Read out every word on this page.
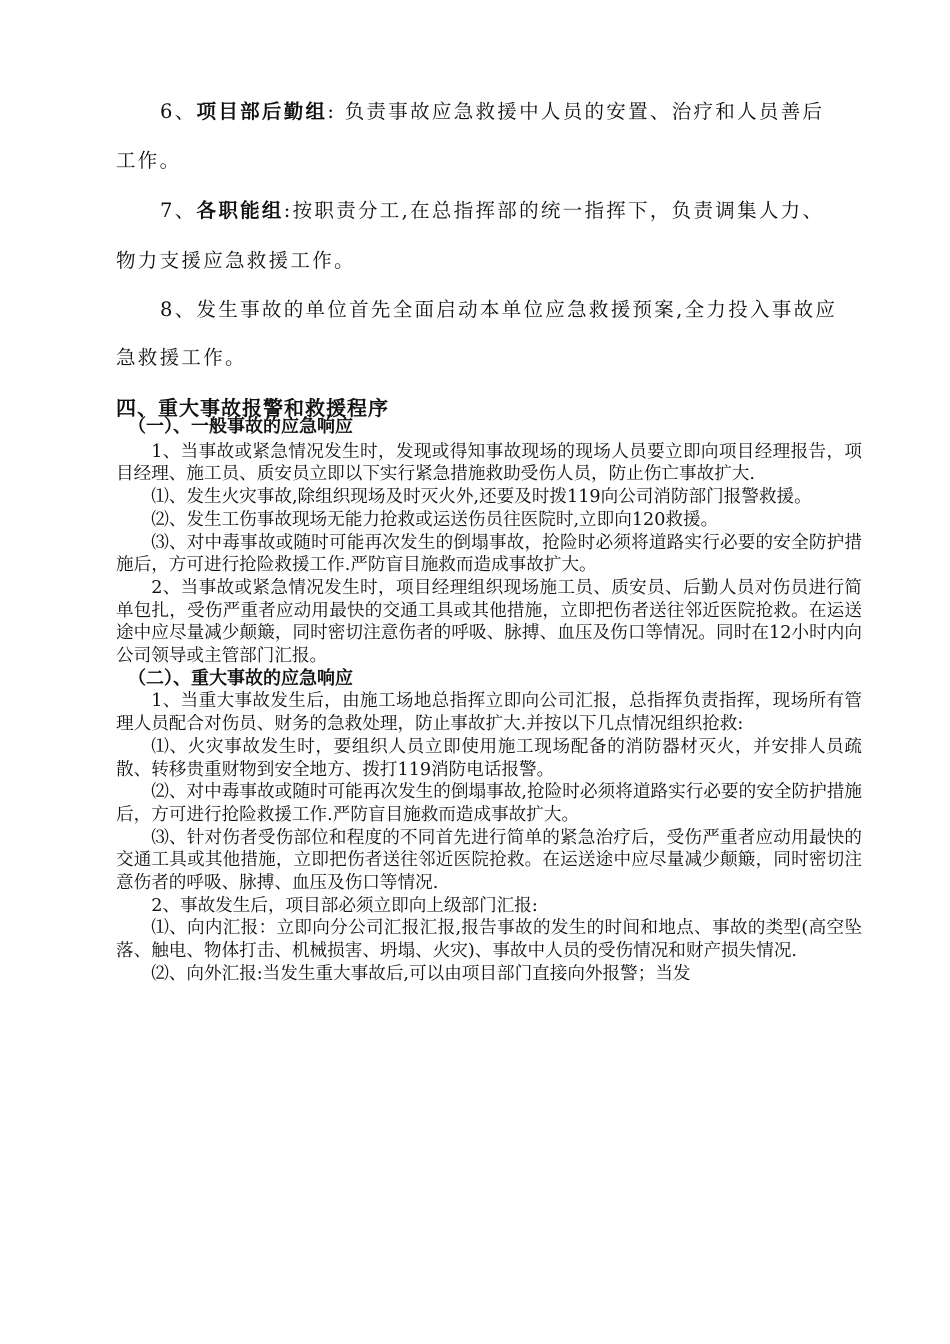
6、项目部后勤组: 负责事故应急救援中人员的安置、治疗和人员善后
工作。
7、各职能组:按职责分工,在总指挥部的统一指挥下，负责调集人力、
物力支援应急救援工作。
8、发生事故的单位首先全面启动本单位应急救援预案,全力投入事故应
急救援工作。
四、重大事故报警和救援程序

（一）、一般事故的应急响应

1、当事故或紧急情况发生时，发现或得知事故现场的现场人员要立即向项目经理报告，项目经理、施工员、质安员立即以下实行紧急措施救助受伤人员，防止伤亡事故扩大.

⑴、发生火灾事故,除组织现场及时灭火外,还要及时拨119向公司消防部门报警救援。

⑵、发生工伤事故现场无能力抢救或运送伤员往医院时,立即向120救援。

⑶、对中毒事故或随时可能再次发生的倒塌事故，抢险时必须将道路实行必要的安全防护措施后，方可进行抢险救援工作.严防盲目施救而造成事故扩大。

2、当事故或紧急情况发生时，项目经理组织现场施工员、质安员、后勤人员对伤员进行简单包扎，受伤严重者应动用最快的交通工具或其他措施，立即把伤者送往邻近医院抢救。在运送途中应尽量减少颠簸，同时密切注意伤者的呼吸、脉搏、血压及伤口等情况。同时在12小时内向公司领导或主管部门汇报。

（二）、重大事故的应急响应

1、当重大事故发生后，由施工场地总指挥立即向公司汇报，总指挥负责指挥，现场所有管理人员配合对伤员、财务的急救处理，防止事故扩大.并按以下几点情况组织抢救:

⑴、火灾事故发生时，要组织人员立即使用施工现场配备的消防器材灭火，并安排人员疏散、转移贵重财物到安全地方、拨打119消防电话报警。

⑵、对中毒事故或随时可能再次发生的倒塌事故,抢险时必须将道路实行必要的安全防护措施后，方可进行抢险救援工作.严防盲目施救而造成事故扩大。

⑶、针对伤者受伤部位和程度的不同首先进行简单的紧急治疗后，受伤严重者应动用最快的交通工具或其他措施，立即把伤者送往邻近医院抢救。在运送途中应尽量减少颠簸，同时密切注意伤者的呼吸、脉搏、血压及伤口等情况.

2、事故发生后，项目部必须立即向上级部门汇报:

⑴、向内汇报：立即向分公司汇报汇报,报告事故的发生的时间和地点、事故的类型(高空坠落、触电、物体打击、机械损害、坍塌、火灾)、事故中人员的受伤情况和财产损失情况.

⑵、向外汇报:当发生重大事故后,可以由项目部门直接向外报警；当发
